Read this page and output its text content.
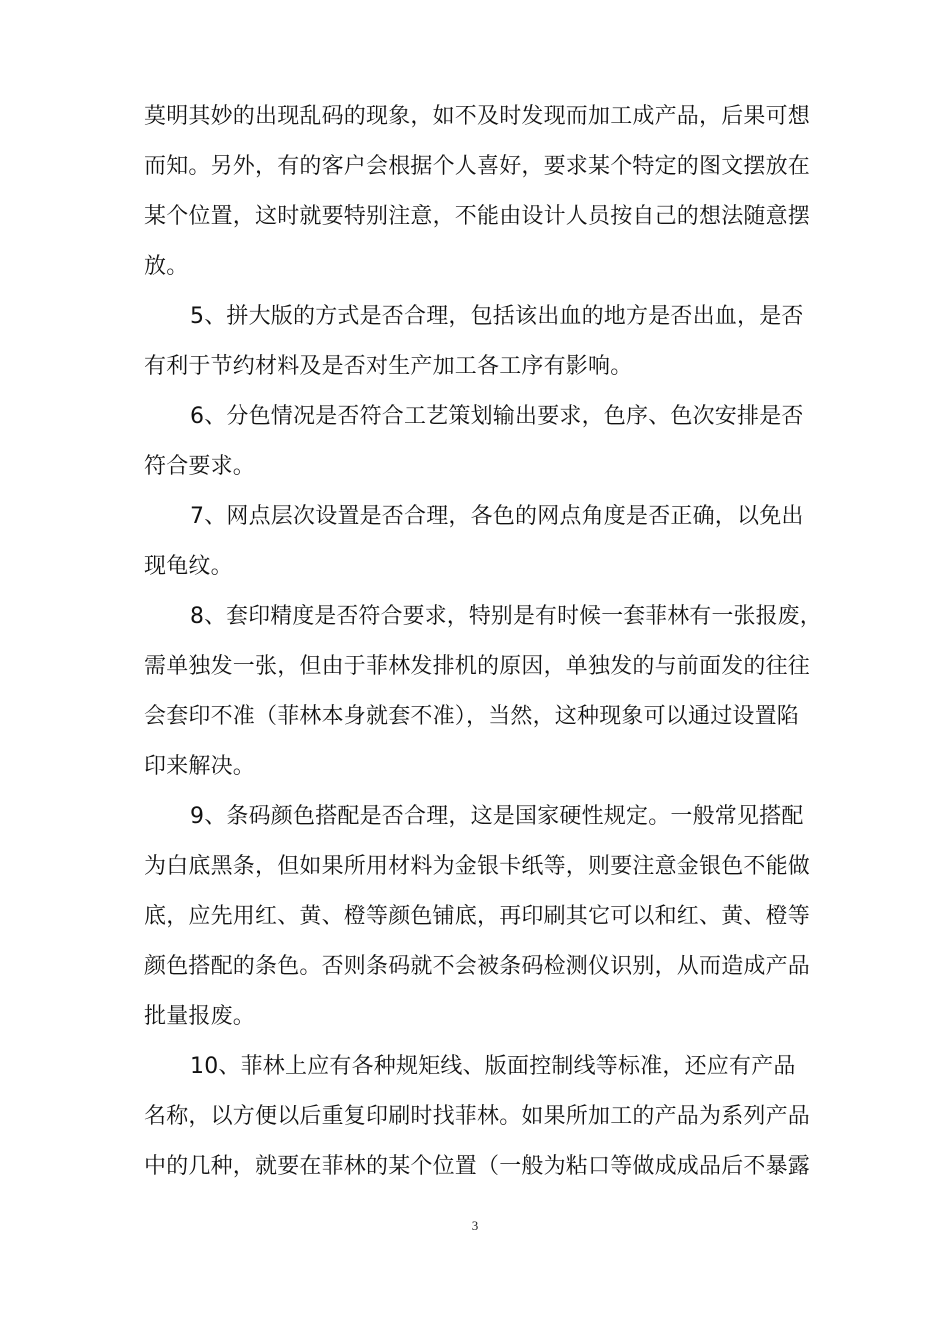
莫明其妙的出现乱码的现象，如不及时发现而加工成产品，后果可想
而知。另外，有的客户会根据个人喜好，要求某个特定的图文摆放在
某个位置，这时就要特别注意，不能由设计人员按自己的想法随意摆
放。
5、拼大版的方式是否合理，包括该出血的地方是否出血，是否
有利于节约材料及是否对生产加工各工序有影响。
6、分色情况是否符合工艺策划输出要求，色序、色次安排是否
符合要求。
7、网点层次设置是否合理，各色的网点角度是否正确，以免出
现龟纹。
8、套印精度是否符合要求，特别是有时候一套菲林有一张报废，
需单独发一张，但由于菲林发排机的原因，单独发的与前面发的往往
会套印不准（菲林本身就套不准），当然，这种现象可以通过设置陷
印来解决。
9、条码颜色搭配是否合理，这是国家硬性规定。一般常见搭配
为白底黑条，但如果所用材料为金银卡纸等，则要注意金银色不能做
底，应先用红、黄、橙等颜色铺底，再印刷其它可以和红、黄、橙等
颜色搭配的条色。否则条码就不会被条码检测仪识别，从而造成产品
批量报废。
10、菲林上应有各种规矩线、版面控制线等标准，还应有产品
名称，以方便以后重复印刷时找菲林。如果所加工的产品为系列产品
中的几种，就要在菲林的某个位置（一般为粘口等做成成品后不暴露
3
